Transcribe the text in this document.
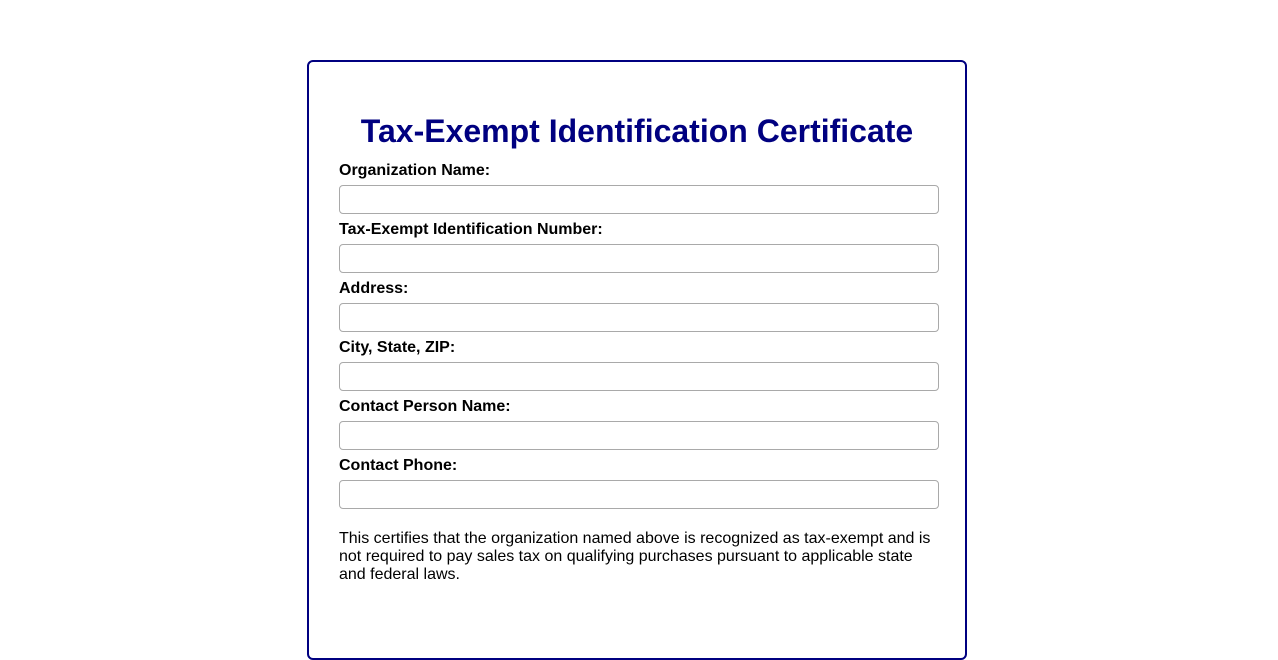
Tax-Exempt Identification Certificate
Organization Name:
Tax-Exempt Identification Number:
Address:
City, State, ZIP:
Contact Person Name:
Contact Phone:

This certifies that the organization named above is recognized as tax-exempt and is not required to pay sales tax on qualifying purchases pursuant to applicable state and federal laws.
